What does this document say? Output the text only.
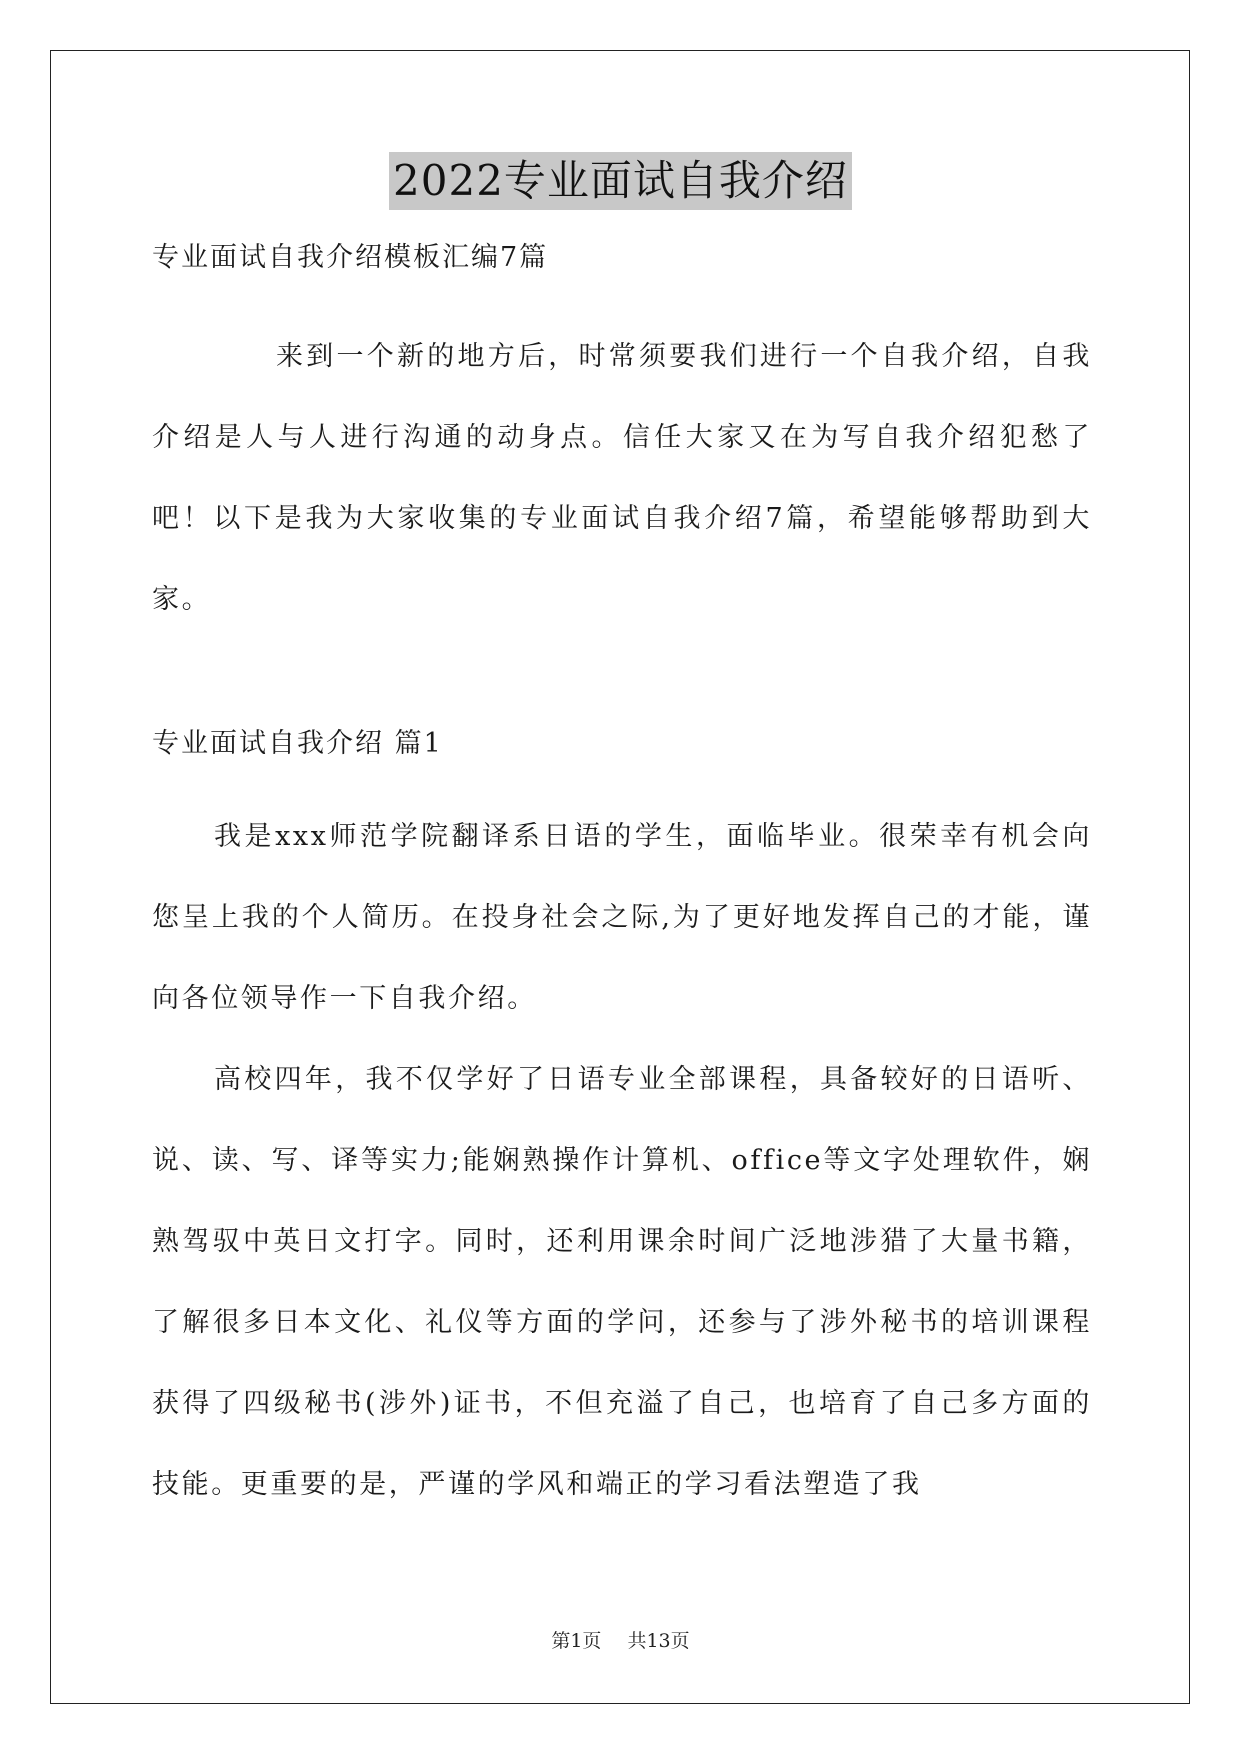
2022专业面试自我介绍

专业面试自我介绍模板汇编7篇

来到一个新的地方后，时常须要我们进行一个自我介绍，自我介绍是人与人进行沟通的动身点。信任大家又在为写自我介绍犯愁了吧！以下是我为大家收集的专业面试自我介绍7篇，希望能够帮助到大家。

专业面试自我介绍 篇1

我是xxx师范学院翻译系日语的学生，面临毕业。很荣幸有机会向您呈上我的个人简历。在投身社会之际,为了更好地发挥自己的才能，谨向各位领导作一下自我介绍。

高校四年，我不仅学好了日语专业全部课程，具备较好的日语听、说、读、写、译等实力;能娴熟操作计算机、office等文字处理软件，娴熟驾驭中英日文打字。同时，还利用课余时间广泛地涉猎了大量书籍，了解很多日本文化、礼仪等方面的学问，还参与了涉外秘书的培训课程获得了四级秘书(涉外)证书，不但充溢了自己，也培育了自己多方面的技能。更重要的是，严谨的学风和端正的学习看法塑造了我

第1页 共13页
